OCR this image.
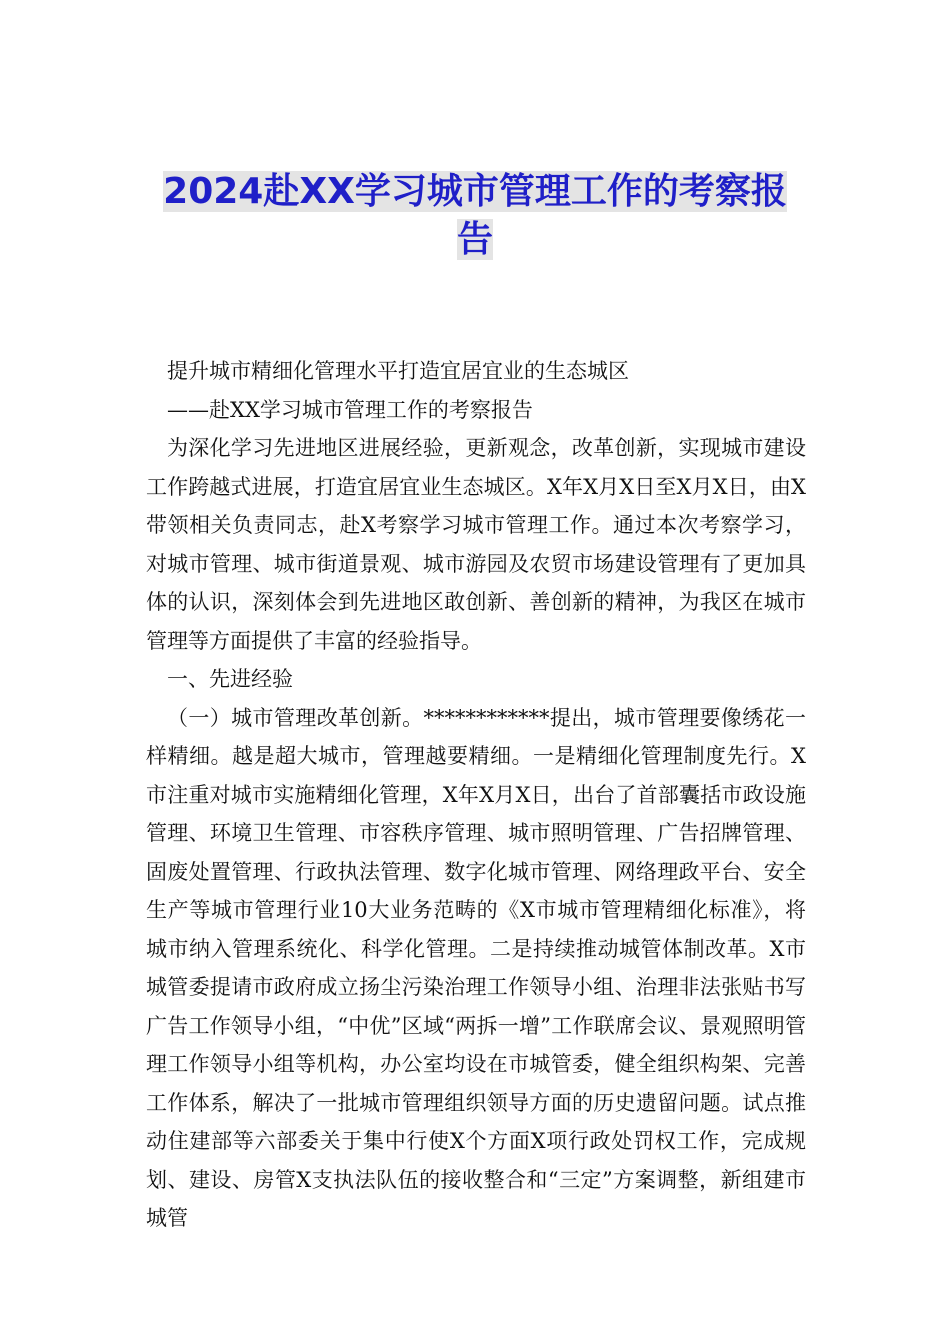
2024赴XX学习城市管理工作的考察报告

提升城市精细化管理水平打造宜居宜业的生态城区

——赴XX学习城市管理工作的考察报告

为深化学习先进地区进展经验，更新观念，改革创新，实现城市建设工作跨越式进展，打造宜居宜业生态城区。X年X月X日至X月X日，由X带领相关负责同志，赴X考察学习城市管理工作。通过本次考察学习，对城市管理、城市街道景观、城市游园及农贸市场建设管理有了更加具体的认识，深刻体会到先进地区敢创新、善创新的精神，为我区在城市管理等方面提供了丰富的经验指导。

一、先进经验

（一）城市管理改革创新。************提出，城市管理要像绣花一样精细。越是超大城市，管理越要精细。一是精细化管理制度先行。X市注重对城市实施精细化管理，X年X月X日，出台了首部囊括市政设施管理、环境卫生管理、市容秩序管理、城市照明管理、广告招牌管理、固废处置管理、行政执法管理、数字化城市管理、网络理政平台、安全生产等城市管理行业10大业务范畴的《X市城市管理精细化标准》，将城市纳入管理系统化、科学化管理。二是持续推动城管体制改革。X市城管委提请市政府成立扬尘污染治理工作领导小组、治理非法张贴书写广告工作领导小组，“中优”区域“两拆一增”工作联席会议、景观照明管理工作领导小组等机构，办公室均设在市城管委，健全组织构架、完善工作体系，解决了一批城市管理组织领导方面的历史遗留问题。试点推动住建部等六部委关于集中行使X个方面X项行政处罚权工作，完成规划、建设、房管X支执法队伍的接收整合和“三定”方案调整，新组建市城管
